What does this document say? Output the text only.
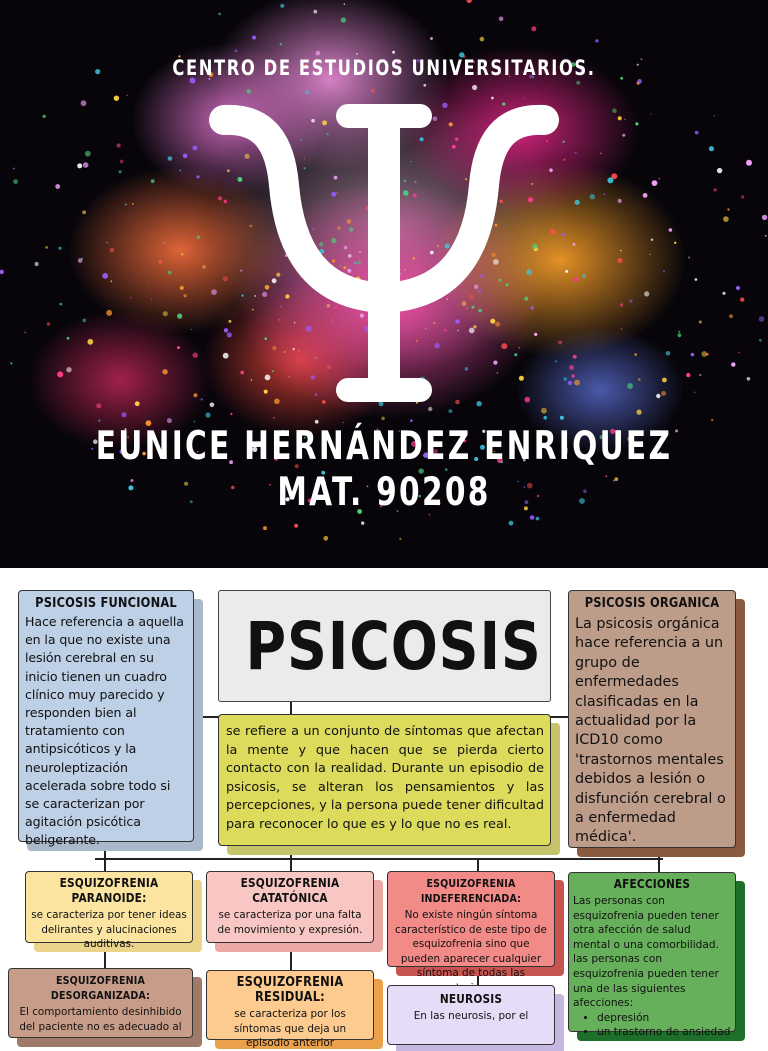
CENTRO DE ESTUDIOS UNIVERSITARIOS.
EUNICE HERNÁNDEZ ENRIQUEZ
MAT. 90208
PSICOSIS FUNCIONAL

Hace referencia a aquella en la que no existe una lesión cerebral en su inicio tienen un cuadro clínico muy parecido y responden bien al tratamiento con antipsicóticos y la neuroleptización acelerada sobre todo si se caracterizan por agitación psicótica beligerante.

PSICOSIS

se refiere a un conjunto de síntomas que afectan la mente y que hacen que se pierda cierto contacto con la realidad. Durante un episodio de psicosis, se alteran los pensamientos y las percepciones, y la persona puede tener dificultad para reconocer lo que es y lo que no es real.

PSICOSIS ORGANICA

La psicosis orgánica hace referencia a un grupo de enfermedades clasificadas en la actualidad por la ICD10 como 'trastornos mentales debidos a lesión o disfunción cerebral o a enfermedad médica'.

ESQUIZOFRENIA PARANOIDE:

se caracteriza por tener ideas delirantes y alucinaciones auditivas.

ESQUIZOFRENIA CATATÓNICA

se caracteriza por una falta de movimiento y expresión.

ESQUIZOFRENIA INDEFERENCIADA:

No existe ningún síntoma característico de este tipo de esquizofrenia sino que pueden aparecer cualquier síntoma de todas las

AFECCIONES

Las personas con esquizofrenia pueden tener otra afección de salud mental o una comorbilidad. las personas con esquizofrenia pueden tener una de las siguientes afecciones:

• depresión
• un trastorno de ansiedad
ESQUIZOFRENIA DESORGANIZADA:

El comportamiento desinhibido del paciente no es adecuado al

ESQUIZOFRENIA RESIDUAL:

se caracteriza por los síntomas que deja un episodio anterior

NEUROSIS

En las neurosis, por el
